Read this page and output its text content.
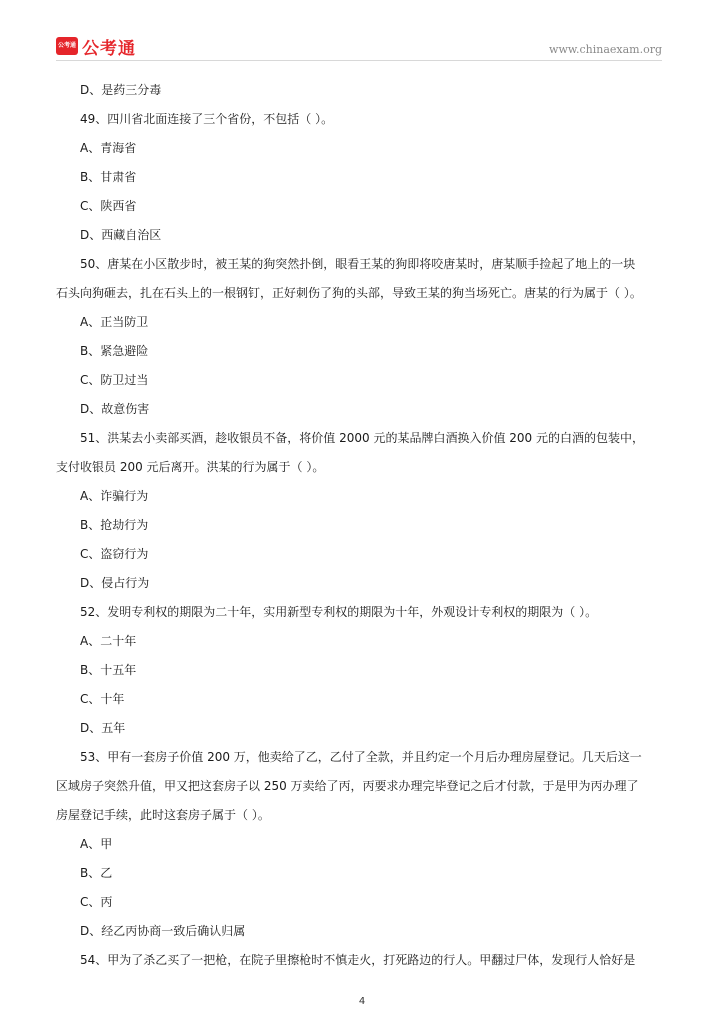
公考通 公考通	www.chinaexam.org
D、是药三分毒
49、四川省北面连接了三个省份，不包括（ ）。
A、青海省
B、甘肃省
C、陕西省
D、西藏自治区
50、唐某在小区散步时，被王某的狗突然扑倒，眼看王某的狗即将咬唐某时，唐某顺手捡起了地上的一块
石头向狗砸去，扎在石头上的一根钢钉，正好刺伤了狗的头部，导致王某的狗当场死亡。唐某的行为属于（ ）。
A、正当防卫
B、紧急避险
C、防卫过当
D、故意伤害
51、洪某去小卖部买酒，趁收银员不备，将价值 2000 元的某品牌白酒换入价值 200 元的白酒的包装中，
支付收银员 200 元后离开。洪某的行为属于（ ）。
A、诈骗行为
B、抢劫行为
C、盗窃行为
D、侵占行为
52、发明专利权的期限为二十年，实用新型专利权的期限为十年，外观设计专利权的期限为（ ）。
A、二十年
B、十五年
C、十年
D、五年
53、甲有一套房子价值 200 万，他卖给了乙，乙付了全款，并且约定一个月后办理房屋登记。几天后这一
区域房子突然升值，甲又把这套房子以 250 万卖给了丙，丙要求办理完毕登记之后才付款，于是甲为丙办理了
房屋登记手续，此时这套房子属于（ ）。
A、甲
B、乙
C、丙
D、经乙丙协商一致后确认归属
54、甲为了杀乙买了一把枪，在院子里擦枪时不慎走火，打死路边的行人。甲翻过尸体，发现行人恰好是
4
